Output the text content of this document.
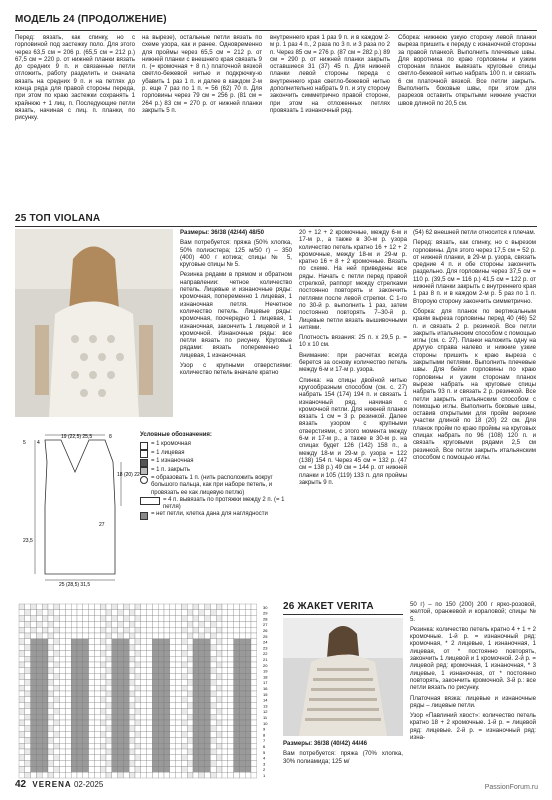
МОДЕЛЬ 24 (ПРОДОЛЖЕНИЕ)

Перед: вязать, как спинку, но с горловиной под застежку поло. Для этого через 63,5 см = 206 р. (65,5 см = 212 р.) 67,5 см = 220 р. от нижней планки вязать до средних 9 п. и связанные петли отложить, работу разделить и сначала вязать на средних 9 п. и на петлях до конца ряда для правой стороны переда, при этом по краю застежки сохранять 1 крайнюю + 1 лиц. п. Последующие петли вязать, начиная с лиц. п. планки, по рисунку.

на вырезе), остальные петли вязать по схеме узора, как и ранее. Одновременно для проймы через 65,5 см = 212 р. от нижней планки с внешнего края связать 9 п. (= кромочная + 8 п.) платочной вязкой светло-бежевой нитью и подкрючку-ю убавить 1 раз 1 п. и далее в каждом 2-м р. еще 7 раз по 1 п. = 56 (62) 70 п. Для горловины через 79 см = 256 р. (81 см = 264 р.) 83 см = 270 р. от нижней планки закрыть 5 п.

внутреннего края 1 раз 9 п. и в каждом 2-м р. 1 раз 4 п., 2 раза по 3 п. и 3 раза по 2 п. Через 85 см = 276 р. (87 см = 282 р.) 89 см = 290 р. от нижней планки закрыть оставшиеся 31 (37) 45 п. Для нижней планки левой стороны переда с внутреннего края светло-бежевой нитью дополнительно набрать 9 п. и эту сторону закончить симметрично правой стороне, при этом на отложенных петлях провязать 1 изнаночный ряд.

Сборка: нижнюю узкую сторону левой планки выреза пришить к переду с изнаночной стороны за правой планкой. Выполнить плечевые швы. Для воротника по краю горловины и узким сторонам планок вывязать круговые спицы светло-бежевой нитью набрать 100 п. и связать 6 см платочной вязкой. Все петли закрыть. Выполнить боковые швы, при этом для разрезов оставить открытыми нижние участки швов длиной по 20,5 см.

25 ТОП VIOLANA

Размеры: 36/38 (42/44) 48/50

Вам потребуется: пряжа (50% хлопка, 50% полиэстера; 125 м/50 г) – 350 (400) 400 г котика; спицы № 5, круговые спицы № 5.

Резинка рядами в прямом и обратном направлении: четное количество петель. Лицевые и изнаночные ряды: кромочная, попеременно 1 лицевая, 1 изнаночная петля. Нечетное количество петель. Лицевые ряды: кромочная, поочередно 1 лицевая, 1 изнаночная, закончить 1 лицевой и 1 кромочной. Изнаночные ряды: все петли вязать по рисунку. Круговые рядами: вязать попеременно 1 лицевая, 1 изнаночная.

Узор с крупными отверстиями: количество петель вначале кратно

20 + 12 + 2 кромочные, между 6-м и 17-м р., а также в 30-м р. узора количество петель кратно 16 + 12 + 2 кромочные, между 18-м и 29-м р. кратно 16 + 8 + 2 кромочные. Вязать по схеме. На ней приведены все ряды. Начать с петли перед правой стрелкой, раппорт между стрелками постоянно повторять и закончить петлями после левой стрелки. С 1-го по 30-й р. выполнить 1 раз, затем постоянно повторять 7–30-й р. Лицевые петли вязать вышивочными нитями.

Плотность вязания: 25 п. x 29,5 р. = 10 x 10 см.

Внимание: при расчетах всегда берется за основу количество петель между 6-м и 17-м р. узора.

Спинка: на спицы двойной нитью кругообразным способом (см. с. 27) набрать 154 (174) 194 п. и связать 1 изнаночный ряд, начиная с кромочной петли. Для нижней планки вязать 1 см = 3 р. резинкой. Далее вязать узором с крупными отверстиями, с этого момента между 6-м и 17-м р., а также в 30-м р. на спицах будет 126 (142) 158 п., а между 18-м и 29-м р. узора = 122 (138) 154 п. Через 45 см = 132 р. (47 см = 138 р.) 49 см = 144 р. от нижней планки и 105 (119) 133 п. для проймы закрыть 9 п.

(54) 62 внешней петли относится к плечам.

Перед: вязать, как спинку, но с вырезом горловины. Для этого через 17,5 см = 52 р. от нижней планки, в 29-м р. узора, связать средние 4 п. и обе стороны закончить раздельно. Для горловины через 37,5 см = 110 р. (39,5 см = 116 р.) 41,5 см = 122 р. от нижней планки закрыть с внутреннего края 1 раз 8 п. и в каждом 2-м р. 5 раз по 1 п. Второую сторону закончить симметрично.

Сборка: для планок по вертикальным краям выреза горловины перед 40 (46) 52 п. и связать 2 р. резинкой. Все петли закрыть итальянским способом с помощью иглы (см. с. 27). Планки наложить одну на другую справа налево и нижние узкие стороны пришить к краю выреза с закрытыми петлями. Выполнить плечевые швы. Для бейки горловины по краю горловины и узким сторонам планок вырезе набрать на круговые спицы набрать 93 п. и связать 2 р. резинкой. Все петли закрыть итальянским способом с помощью иглы. Выполнить боковые швы, оставив открытыми для пройм верхние участки длиной по 18 (20) 22 см. Для планок пройм по краю проймы на круговых спицах набрать по 96 (108) 120 п. и связать круговыми рядами 2,5 см резинкой. Все петли закрыть итальянским способом с помощью иглы.

19 (22,5) 25,5
18 (20) 22
27
23,5
25 (28,5) 31,5
5 4
8	Условные обозначения:
= 1 кромочная
= 1 лицевая
= 1 изнаночная
= 1 п. закрыть
= образовать 1 п. (нить расположить вокруг большого пальца, как при наборе петель, и провязать ее как лицевую петлю)
= 4 п. вывязать по протяжки между 2 п. (= 1 петля)
= нет петли, клетка дана для наглядности
30
29
28
27
26
25
24
23
22
21
20
19
18
17
16
15
14
13
12
11
10
9
8
7
6
5
4
3
2
1
26 ЖАКЕТ VERITA

Размеры: 36/38 (40/42) 44/46

Вам потребуется: пряжа (70% хлопка, 30% полиамида; 125 м/

50 г) – по 150 (200) 200 г ярко-розовой, желтой, оранжевой и кораловой; спицы № 5.

Резинка: количество петель кратно 4 + 1 + 2 кромочные. 1-й р. = изнаночный ряд: кромочная, * 2 лицевые, 1 изнаночная, 1 лицевая, от * постоянно повторять, закончить 1 лицевой и 1 кромочной. 2-й р. = лицевой ряд: кромочная, 1 изнаночная, * 3 лицевые, 1 изнаночная, от * постоянно повторять, закончить кромочной. 3-й р.: все петли вязать по рисунку.

Платочная вязка: лицевые и изнаночные ряды – лицевые петли.

Узор «Павлиний хвост»: количество петель кратно 18 + 2 кромочные. 1-й р. = лицевой ряд: лицевые. 2-й р. = изнаночный ряд: изна-

42 VERENA 02-2025	PassionForum.ru
